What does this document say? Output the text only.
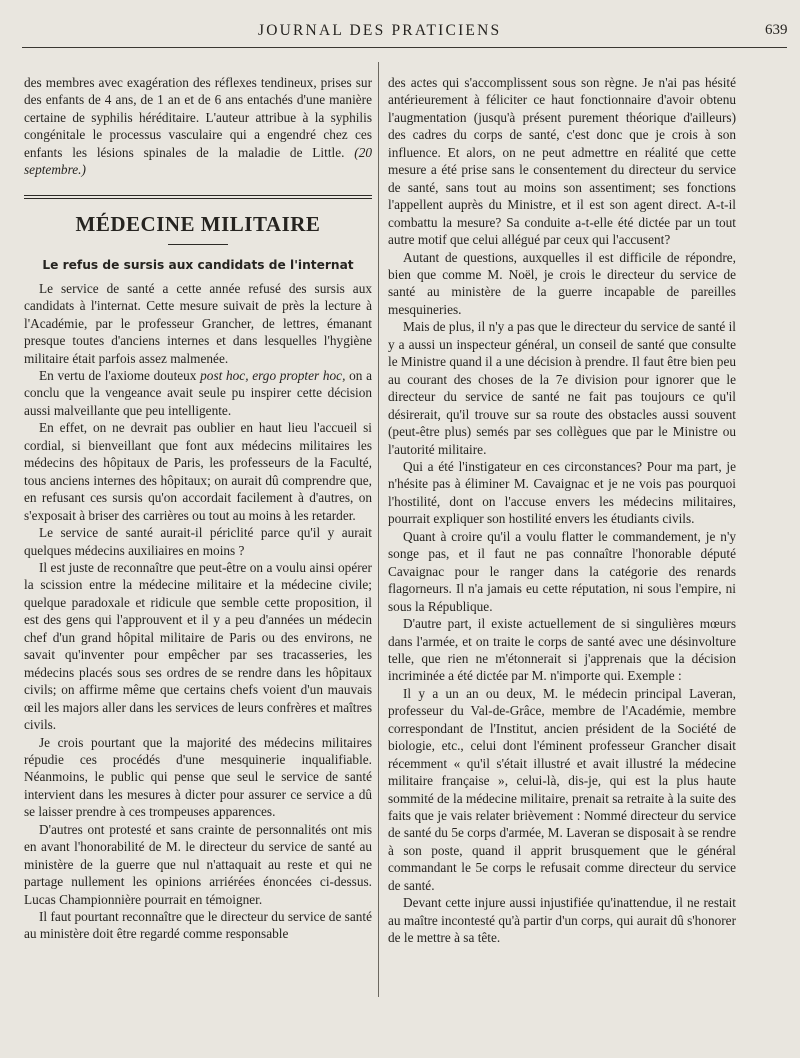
JOURNAL DES PRATICIENS	639

des membres avec exagération des réflexes tendineux, prises sur des enfants de 4 ans, de 1 an et de 6 ans entachés d'une manière certaine de syphilis héréditaire. L'auteur attribue à la syphilis congénitale le processus vasculaire qui a engendré chez ces enfants les lésions spinales de la maladie de Little. (20 septembre.)

MÉDECINE MILITAIRE
Le refus de sursis aux candidats de l'internat

Le service de santé a cette année refusé des sursis aux candidats à l'internat. Cette mesure suivait de près la lecture à l'Académie, par le professeur Grancher, de lettres, émanant presque toutes d'anciens internes et dans lesquelles l'hygiène militaire était parfois assez malmenée.

En vertu de l'axiome douteux post hoc, ergo propter hoc, on a conclu que la vengeance avait seule pu inspirer cette décision aussi malveillante que peu intelligente.

En effet, on ne devrait pas oublier en haut lieu l'accueil si cordial, si bienveillant que font aux médecins militaires les médecins des hôpitaux de Paris, les professeurs de la Faculté, tous anciens internes des hôpitaux; on aurait dû comprendre que, en refusant ces sursis qu'on accordait facilement à d'autres, on s'exposait à briser des carrières ou tout au moins à les retarder.

Le service de santé aurait-il périclité parce qu'il y aurait quelques médecins auxiliaires en moins ?

Il est juste de reconnaître que peut-être on a voulu ainsi opérer la scission entre la médecine militaire et la médecine civile; quelque paradoxale et ridicule que semble cette proposition, il est des gens qui l'approuvent et il y a peu d'années un médecin chef d'un grand hôpital militaire de Paris ou des environs, ne savait qu'inventer pour empêcher par ses tracasseries, les médecins placés sous ses ordres de se rendre dans les hôpitaux civils; on affirme même que certains chefs voient d'un mauvais œil les majors aller dans les services de leurs confrères et maîtres civils.

Je crois pourtant que la majorité des médecins militaires répudie ces procédés d'une mesquinerie inqualifiable. Néanmoins, le public qui pense que seul le service de santé intervient dans les mesures à dicter pour assurer ce service a dû se laisser prendre à ces trompeuses apparences.

D'autres ont protesté et sans crainte de personnalités ont mis en avant l'honorabilité de M. le directeur du service de santé au ministère de la guerre que nul n'attaquait au reste et qui ne partage nullement les opinions arriérées énoncées ci-dessus. Lucas Championnière pourrait en témoigner.

Il faut pourtant reconnaître que le directeur du service de santé au ministère doit être regardé comme responsable

des actes qui s'accomplissent sous son règne. Je n'ai pas hésité antérieurement à féliciter ce haut fonctionnaire d'avoir obtenu l'augmentation (jusqu'à présent purement théorique d'ailleurs) des cadres du corps de santé, c'est donc que je crois à son influence. Et alors, on ne peut admettre en réalité que cette mesure a été prise sans le consentement du directeur du service de santé, sans tout au moins son assentiment; ses fonctions l'appellent auprès du Ministre, et il est son agent direct. A-t-il combattu la mesure? Sa conduite a-t-elle été dictée par un tout autre motif que celui allégué par ceux qui l'accusent?

Autant de questions, auxquelles il est difficile de répondre, bien que comme M. Noël, je crois le directeur du service de santé au ministère de la guerre incapable de pareilles mesquineries.

Mais de plus, il n'y a pas que le directeur du service de santé il y a aussi un inspecteur général, un conseil de santé que consulte le Ministre quand il a une décision à prendre. Il faut être bien peu au courant des choses de la 7e division pour ignorer que le directeur du service de santé ne fait pas toujours ce qu'il désirerait, qu'il trouve sur sa route des obstacles aussi souvent (peut-être plus) semés par ses collègues que par le Ministre ou l'autorité militaire.

Qui a été l'instigateur en ces circonstances? Pour ma part, je n'hésite pas à éliminer M. Cavaignac et je ne vois pas pourquoi l'hostilité, dont on l'accuse envers les médecins militaires, pourrait expliquer son hostilité envers les étudiants civils.

Quant à croire qu'il a voulu flatter le commandement, je n'y songe pas, et il faut ne pas connaître l'honorable député Cavaignac pour le ranger dans la catégorie des renards flagorneurs. Il n'a jamais eu cette réputation, ni sous l'empire, ni sous la République.

D'autre part, il existe actuellement de si singulières mœurs dans l'armée, et on traite le corps de santé avec une désinvolture telle, que rien ne m'étonnerait si j'apprenais que la décision incriminée a été dictée par M. n'importe qui. Exemple :

Il y a un an ou deux, M. le médecin principal Laveran, professeur du Val-de-Grâce, membre de l'Académie, membre correspondant de l'Institut, ancien président de la Société de biologie, etc., celui dont l'éminent professeur Grancher disait récemment « qu'il s'était illustré et avait illustré la médecine militaire française », celui-là, dis-je, qui est la plus haute sommité de la médecine militaire, prenait sa retraite à la suite des faits que je vais relater brièvement : Nommé directeur du service de santé du 5e corps d'armée, M. Laveran se disposait à se rendre à son poste, quand il apprit brusquement que le général commandant le 5e corps le refusait comme directeur du service de santé.

Devant cette injure aussi injustifiée qu'inattendue, il ne restait au maître incontesté qu'à partir d'un corps, qui aurait dû s'honorer de le mettre à sa tête.
